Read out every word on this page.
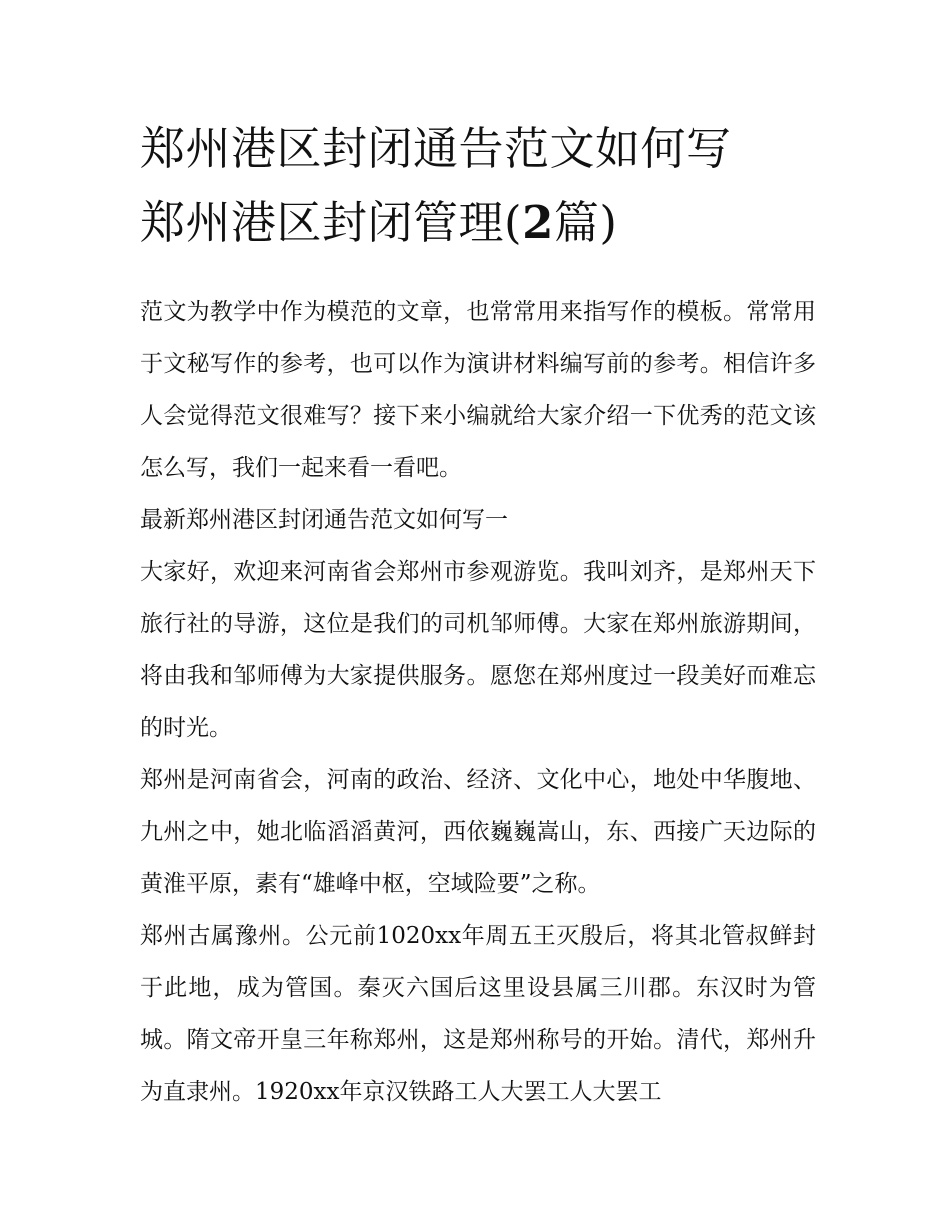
郑州港区封闭通告范文如何写
郑州港区封闭管理(2篇)

范文为教学中作为模范的文章，也常常用来指写作的模板。常常用于文秘写作的参考，也可以作为演讲材料编写前的参考。相信许多人会觉得范文很难写？接下来小编就给大家介绍一下优秀的范文该怎么写，我们一起来看一看吧。

最新郑州港区封闭通告范文如何写一

大家好，欢迎来河南省会郑州市参观游览。我叫刘齐，是郑州天下旅行社的导游，这位是我们的司机邹师傅。大家在郑州旅游期间，将由我和邹师傅为大家提供服务。愿您在郑州度过一段美好而难忘的时光。

郑州是河南省会，河南的政治、经济、文化中心，地处中华腹地、九州之中，她北临滔滔黄河，西依巍巍嵩山，东、西接广天边际的黄淮平原，素有“雄峰中枢，空域险要”之称。

郑州古属豫州。公元前1020xx年周五王灭殷后，将其北管叔鲜封于此地，成为管国。秦灭六国后这里设县属三川郡。东汉时为管城。隋文帝开皇三年称郑州，这是郑州称号的开始。清代，郑州升为直隶州。1920xx年京汉铁路工人大罢工人大罢工
